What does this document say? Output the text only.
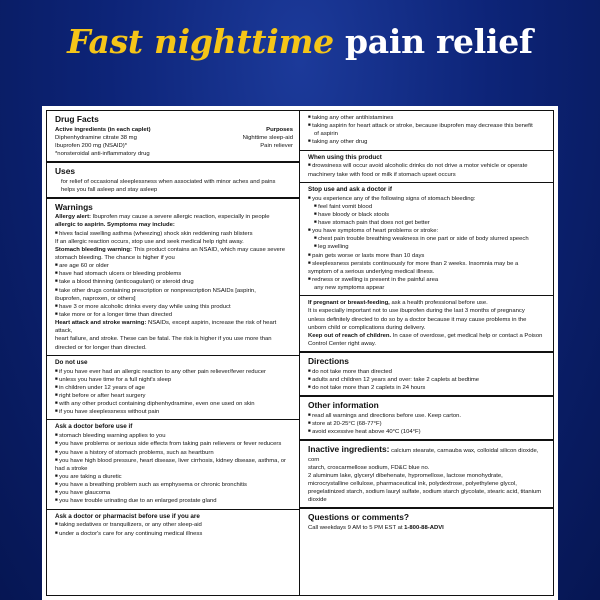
Fast nighttime pain relief
Drug Facts
Active ingredients (in each caplet)	Purposes
Diphenhydramine citrate 38 mg	Nighttime sleep-aid
Ibuprofen 200 mg (NSAID)*	Pain reliever
*nonsteroidal anti-inflammatory drug
Uses
for relief of occasional sleeplessness when associated with minor aches and pains
helps you fall asleep and stay asleep
Warnings
Allergy alert: Ibuprofen may cause a severe allergic reaction, especially in people
allergic to aspirin. Symptoms may include:
■ hives facial swelling asthma (wheezing) shock skin reddening rash blisters
If an allergic reaction occurs, stop use and seek medical help right away.
Stomach bleeding warning: This product contains an NSAID, which may cause severe
stomach bleeding. The chance is higher if you
■ are age 60 or older
■ have had stomach ulcers or bleeding problems
■ take a blood thinning (anticoagulant) or steroid drug
■ take other drugs containing prescription or nonprescription NSAIDs [aspirin,
ibuprofen, naproxen, or others]
■ have 3 or more alcoholic drinks every day while using this product
■ take more or for a longer time than directed
Heart attack and stroke warning: NSAIDs, except aspirin, increase the risk of heart attack,
heart failure, and stroke. These can be fatal. The risk is higher if you use more than
directed or for longer than directed.
Do not use
■ if you have ever had an allergic reaction to any other pain reliever/fever reducer
■ unless you have time for a full night's sleep
■ in children under 12 years of age
■ right before or after heart surgery
■ with any other product containing diphenhydramine, even one used on skin
■ if you have sleeplessness without pain
Ask a doctor before use if
■ stomach bleeding warning applies to you
■ you have problems or serious side effects from taking pain relievers or fever reducers
■ you have a history of stomach problems, such as heartburn
■ you have high blood pressure, heart disease, liver cirrhosis, kidney disease, asthma, or
had a stroke
■ you are taking a diuretic
■ you have a breathing problem such as emphysema or chronic bronchitis
■ you have glaucoma
■ you have trouble urinating due to an enlarged prostate gland
Ask a doctor or pharmacist before use if you are
■ taking sedatives or tranquilizers, or any other sleep-aid
■ under a doctor's care for any continuing medical illness
■ taking any other antihistamines
■ taking aspirin for heart attack or stroke, because ibuprofen may decrease this benefit
of aspirin
■ taking any other drug
When using this product
■ drowsiness will occur avoid alcoholic drinks do not drive a motor vehicle or operate
machinery take with food or milk if stomach upset occurs
Stop use and ask a doctor if
■ you experience any of the following signs of stomach bleeding:
■ feel faint vomit blood
■ have bloody or black stools
■ have stomach pain that does not get better
■ you have symptoms of heart problems or stroke:
■ chest pain trouble breathing weakness in one part or side of body slurred speech
■ leg swelling
■ pain gets worse or lasts more than 10 days
■ sleeplessness persists continuously for more than 2 weeks. Insomnia may be a
symptom of a serious underlying medical illness.
■ redness or swelling is present in the painful area
any new symptoms appear
If pregnant or breast-feeding, ask a health professional before use.
It is especially important not to use ibuprofen during the last 3 months of pregnancy
unless definitely directed to do so by a doctor because it may cause problems in the
unborn child or complications during delivery.
Keep out of reach of children. In case of overdose, get medical help or contact a Poison
Control Center right away.
Directions
■ do not take more than directed
■ adults and children 12 years and over: take 2 caplets at bedtime
■ do not take more than 2 caplets in 24 hours
Other information
■ read all warnings and directions before use. Keep carton.
■ store at 20-25°C (68-77°F)
■ avoid excessive heat above 40°C (104°F)
Inactive ingredients: calcium stearate, carnauba wax, colloidal silicon dioxide, corn
starch, croscarmellose sodium, FD&C blue no.
2 aluminum lake, glyceryl dibehenate, hypromellose, lactose monohydrate,
microcrystalline cellulose, pharmaceutical ink, polydextrose, polyethylene glycol,
pregelatinized starch, sodium lauryl sulfate, sodium starch glycolate, stearic acid, titanium
dioxide
Questions or comments?
Call weekdays 9 AM to 5 PM EST at 1-800-88-ADVI
